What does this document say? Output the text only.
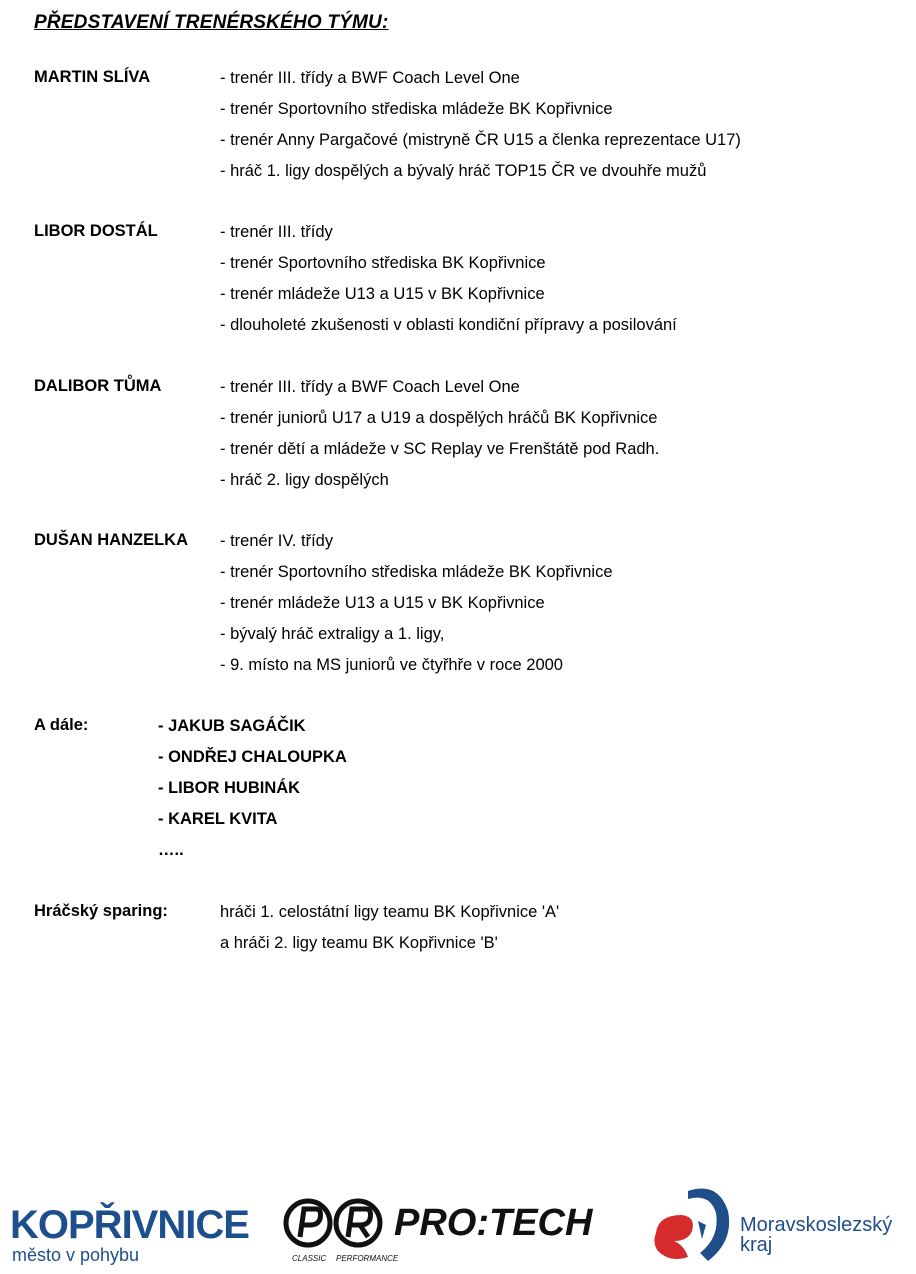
PŘEDSTAVENÍ TRENÉRSKÉHO TÝMU:
MARTIN SLÍVA	- trenér III. třídy a BWF Coach Level One
- trenér Sportovního střediska mládeže BK Kopřivnice
- trenér Anny Pargačové (mistryně ČR U15 a členka reprezentace U17)
- hráč 1. ligy dospělých a bývalý hráč TOP15 ČR ve dvouhře mužů
LIBOR DOSTÁL	- trenér III. třídy
- trenér Sportovního střediska BK Kopřivnice
- trenér mládeže U13 a U15 v BK Kopřivnice
- dlouholeté zkušenosti v oblasti kondiční přípravy a posilování
DALIBOR TŮMA	- trenér III. třídy a BWF Coach Level One
- trenér juniorů U17 a U19 a dospělých hráčů BK Kopřivnice
- trenér dětí a mládeže v SC Replay ve Frenštátě pod Radh.
- hráč 2. ligy dospělých
DUŠAN HANZELKA - trenér IV. třídy
- trenér Sportovního střediska mládeže BK Kopřivnice
- trenér mládeže U13 a U15 v BK Kopřivnice
- bývalý hráč extraligy a 1. ligy,
- 9. místo na MS juniorů ve čtyřhře v roce 2000
A dále:	- JAKUB SAGÁČIK
- ONDŘEJ CHALOUPKA
- LIBOR HUBINÁK
- KAREL KVITA
…..
Hráčský sparing:	hráči 1. celostátní ligy teamu BK Kopřivnice 'A'
a hráči 2. ligy teamu BK Kopřivnice 'B'
KOPŘIVNICE
město v pohybu
PRO:TECH
CLASSIC PERFORMANCE
Moravskoslezský
kraj
